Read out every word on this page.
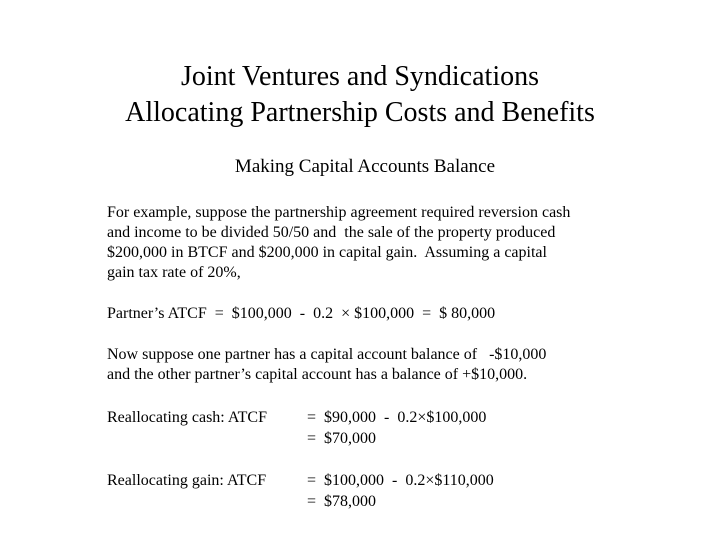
Joint Ventures and Syndications
Allocating Partnership Costs and Benefits
Making Capital Accounts Balance
For example, suppose the partnership agreement required reversion cash
and income to be divided 50/50 and  the sale of the property produced
$200,000 in BTCF and $200,000 in capital gain.  Assuming a capital
gain tax rate of 20%,
Partner’s ATCF  =  $100,000  -  0.2  × $100,000  =  $ 80,000
Now suppose one partner has a capital account balance of   -$10,000
and the other partner’s capital account has a balance of +$10,000.
Reallocating cash: ATCF	=  $90,000  -  0.2×$100,000
=  $70,000
Reallocating gain: ATCF	=  $100,000  -  0.2×$110,000
=  $78,000
